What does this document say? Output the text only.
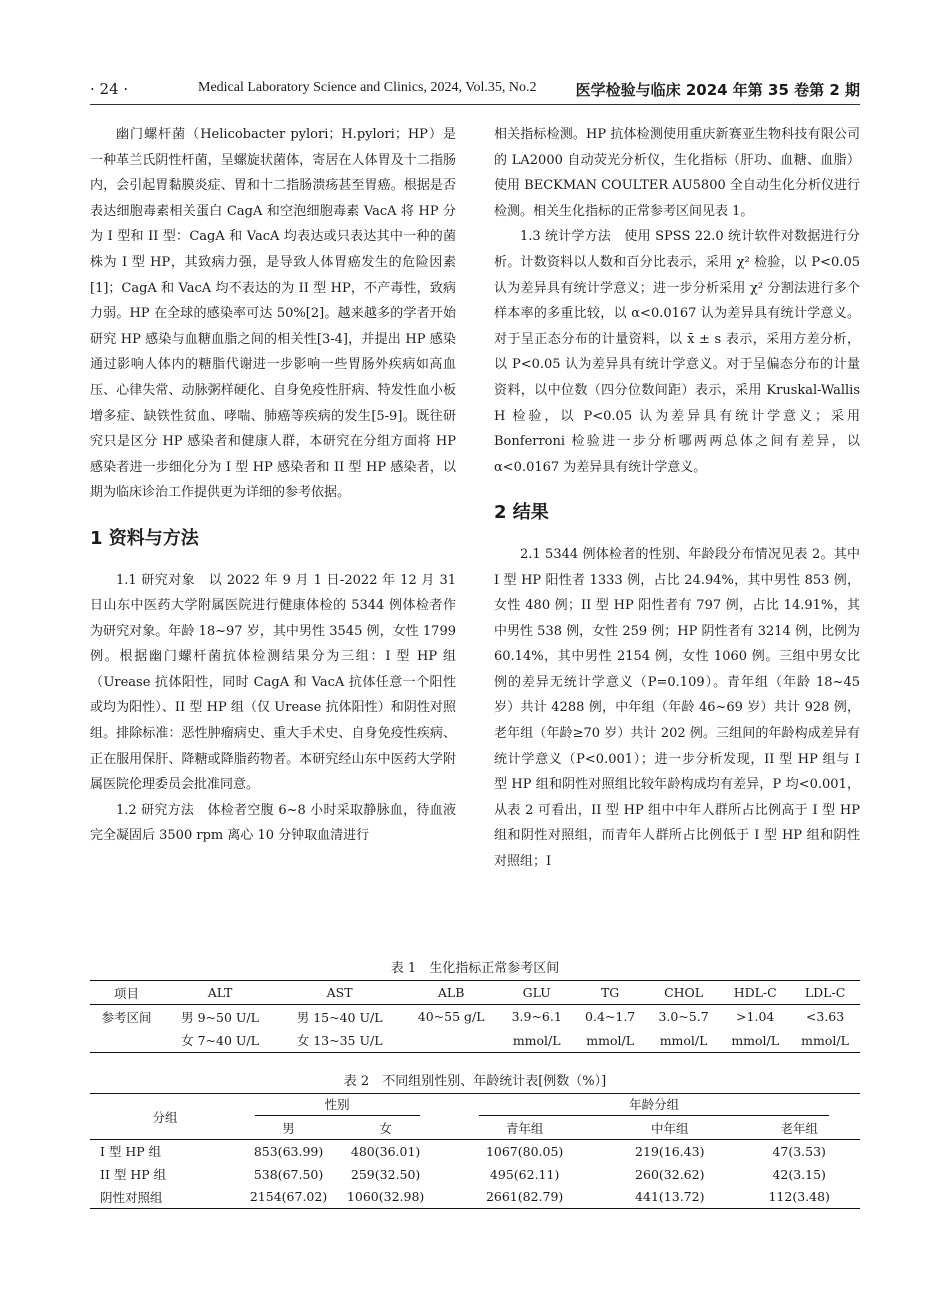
· 24 ·	Medical Laboratory Science and Clinics, 2024, Vol.35, No.2	医学检验与临床 2024 年第 35 卷第 2 期

幽门螺杆菌（Helicobacter pylori；H.pylori；HP）是一种革兰氏阴性杆菌，呈螺旋状菌体，寄居在人体胃及十二指肠内，会引起胃黏膜炎症、胃和十二指肠溃疡甚至胃癌。根据是否表达细胞毒素相关蛋白 CagA 和空泡细胞毒素 VacA 将 HP 分为 I 型和 II 型：CagA 和 VacA 均表达或只表达其中一种的菌株为 I 型 HP，其致病力强，是导致人体胃癌发生的危险因素[1]；CagA 和 VacA 均不表达的为 II 型 HP，不产毒性，致病力弱。HP 在全球的感染率可达 50%[2]。越来越多的学者开始研究 HP 感染与血糖血脂之间的相关性[3-4]，并提出 HP 感染通过影响人体内的糖脂代谢进一步影响一些胃肠外疾病如高血压、心律失常、动脉粥样硬化、自身免疫性肝病、特发性血小板增多症、缺铁性贫血、哮喘、肺癌等疾病的发生[5-9]。既往研究只是区分 HP 感染者和健康人群，本研究在分组方面将 HP 感染者进一步细化分为 I 型 HP 感染者和 II 型 HP 感染者，以期为临床诊治工作提供更为详细的参考依据。

1 资料与方法

1.1 研究对象　以 2022 年 9 月 1 日-2022 年 12 月 31 日山东中医药大学附属医院进行健康体检的 5344 例体检者作为研究对象。年龄 18~97 岁，其中男性 3545 例，女性 1799 例。根据幽门螺杆菌抗体检测结果分为三组：I 型 HP 组（Urease 抗体阳性，同时 CagA 和 VacA 抗体任意一个阳性或均为阳性）、II 型 HP 组（仅 Urease 抗体阳性）和阴性对照组。排除标准：恶性肿瘤病史、重大手术史、自身免疫性疾病、正在服用保肝、降糖或降脂药物者。本研究经山东中医药大学附属医院伦理委员会批准同意。

1.2 研究方法　体检者空腹 6~8 小时采取静脉血，待血液完全凝固后 3500 rpm 离心 10 分钟取血清进行

相关指标检测。HP 抗体检测使用重庆新赛亚生物科技有限公司的 LA2000 自动荧光分析仪，生化指标（肝功、血糖、血脂）使用 BECKMAN COULTER AU5800 全自动生化分析仪进行检测。相关生化指标的正常参考区间见表 1。

1.3 统计学方法　使用 SPSS 22.0 统计软件对数据进行分析。计数资料以人数和百分比表示，采用 χ² 检验，以 P<0.05 认为差异具有统计学意义；进一步分析采用 χ² 分割法进行多个样本率的多重比较，以 α<0.0167 认为差异具有统计学意义。对于呈正态分布的计量资料，以 x̄ ± s 表示，采用方差分析，以 P<0.05 认为差异具有统计学意义。对于呈偏态分布的计量资料，以中位数（四分位数间距）表示，采用 Kruskal-Wallis H 检验，以 P<0.05 认为差异具有统计学意义；采用 Bonferroni 检验进一步分析哪两两总体之间有差异，以 α<0.0167 为差异具有统计学意义。

2 结果

2.1 5344 例体检者的性别、年龄段分布情况见表 2。其中 I 型 HP 阳性者 1333 例，占比 24.94%，其中男性 853 例，女性 480 例；II 型 HP 阳性者有 797 例，占比 14.91%，其中男性 538 例，女性 259 例；HP 阴性者有 3214 例，比例为 60.14%，其中男性 2154 例，女性 1060 例。三组中男女比例的差异无统计学意义（P=0.109）。青年组（年龄 18~45 岁）共计 4288 例，中年组（年龄 46~69 岁）共计 928 例，老年组（年龄≥70 岁）共计 202 例。三组间的年龄构成差异有统计学意义（P<0.001）；进一步分析发现，II 型 HP 组与 I 型 HP 组和阴性对照组比较年龄构成均有差异，P 均<0.001，从表 2 可看出，II 型 HP 组中中年人群所占比例高于 I 型 HP 组和阴性对照组，而青年人群所占比例低于 I 型 HP 组和阴性对照组；I

表 1　生化指标正常参考区间
项目	ALT	AST	ALB	GLU	TG	CHOL	HDL-C	LDL-C
参考区间	男 9~50 U/L	男 15~40 U/L	40~55 g/L	3.9~6.1	0.4~1.7	3.0~5.7	>1.04	<3.63
	女 7~40 U/L	女 13~35 U/L		mmol/L	mmol/L	mmol/L	mmol/L	mmol/L
表 2　不同组别性别、年龄统计表[例数（%）]
分组	性别			年龄分组		
	男	女		青年组	中年组	老年组
I 型 HP 组	853(63.99)	480(36.01)		1067(80.05)	219(16.43)	47(3.53)
II 型 HP 组	538(67.50)	259(32.50)		495(62.11)	260(32.62)	42(3.15)
阴性对照组	2154(67.02)	1060(32.98)		2661(82.79)	441(13.72)	112(3.48)
